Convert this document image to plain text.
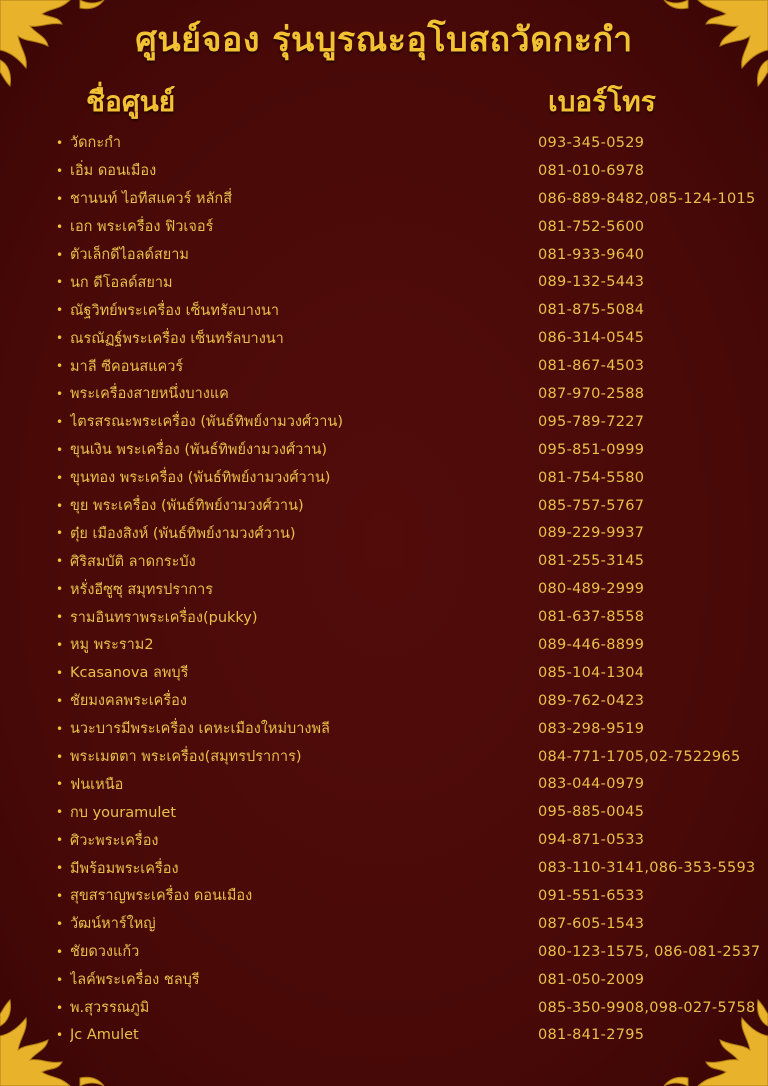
ศูนย์จอง รุ่นบูรณะอุโบสถวัดกะกำ
ชื่อศูนย์	เบอร์โทร
• วัดกะกำ	093-345-0529
• เอิ่ม ดอนเมือง	081-010-6978
• ชานนท์ ไอทีสแควร์ หลักสี่	086-889-8482,085-124-1015
• เอก พระเครื่อง ฟิวเจอร์	081-752-5600
• ตัวเล็กดีไอลด์สยาม	081-933-9640
• นก ดีโอลด์สยาม	089-132-5443
• ณัฐวิทย์พระเครื่อง เซ็นทรัลบางนา	081-875-5084
• ณรณัฏฐ์พระเครื่อง เซ็นทรัลบางนา	086-314-0545
• มาลี ซีคอนสแควร์	081-867-4503
• พระเครื่องสายหนึ่งบางแค	087-970-2588
• ไตรสรณะพระเครื่อง (พันธ์ทิพย์งามวงศ์วาน)	095-789-7227
• ขุนเงิน พระเครื่อง (พันธ์ทิพย์งามวงศ์วาน)	095-851-0999
• ขุนทอง พระเครื่อง (พันธ์ทิพย์งามวงศ์วาน)	081-754-5580
• ขุย พระเครื่อง (พันธ์ทิพย์งามวงศ์วาน)	085-757-5767
• ตุ๋ย เมืองสิงห์ (พันธ์ทิพย์งามวงศ์วาน)	089-229-9937
• ศิริสมบัติ ลาดกระบัง	081-255-3145
• หรั่งอีซูซุ สมุทรปราการ	080-489-2999
• รามอินทราพระเครื่อง(pukky)	081-637-8558
• หมู พระราม2	089-446-8899
• Kcasanova ลพบุรี	085-104-1304
• ชัยมงคลพระเครื่อง	089-762-0423
• นวะบารมีพระเครื่อง เคหะเมืองใหม่บางพลี	083-298-9519
• พระเมตตา พระเครื่อง(สมุทรปราการ)	084-771-1705,02-7522965
• ฟนเหนือ	083-044-0979
• กบ youramulet	095-885-0045
• ศิวะพระเครื่อง	094-871-0533
• มีพร้อมพระเครื่อง	083-110-3141,086-353-5593
• สุขสราญพระเครื่อง ดอนเมือง	091-551-6533
• วัฒน์หาร์ใหญ่	087-605-1543
• ชัยดวงแก้ว	080-123-1575, 086-081-2537
• ไลค์พระเครื่อง ชลบุรี	081-050-2009
• พ.สุวรรณภูมิ	085-350-9908,098-027-5758
• Jc Amulet	081-841-2795
